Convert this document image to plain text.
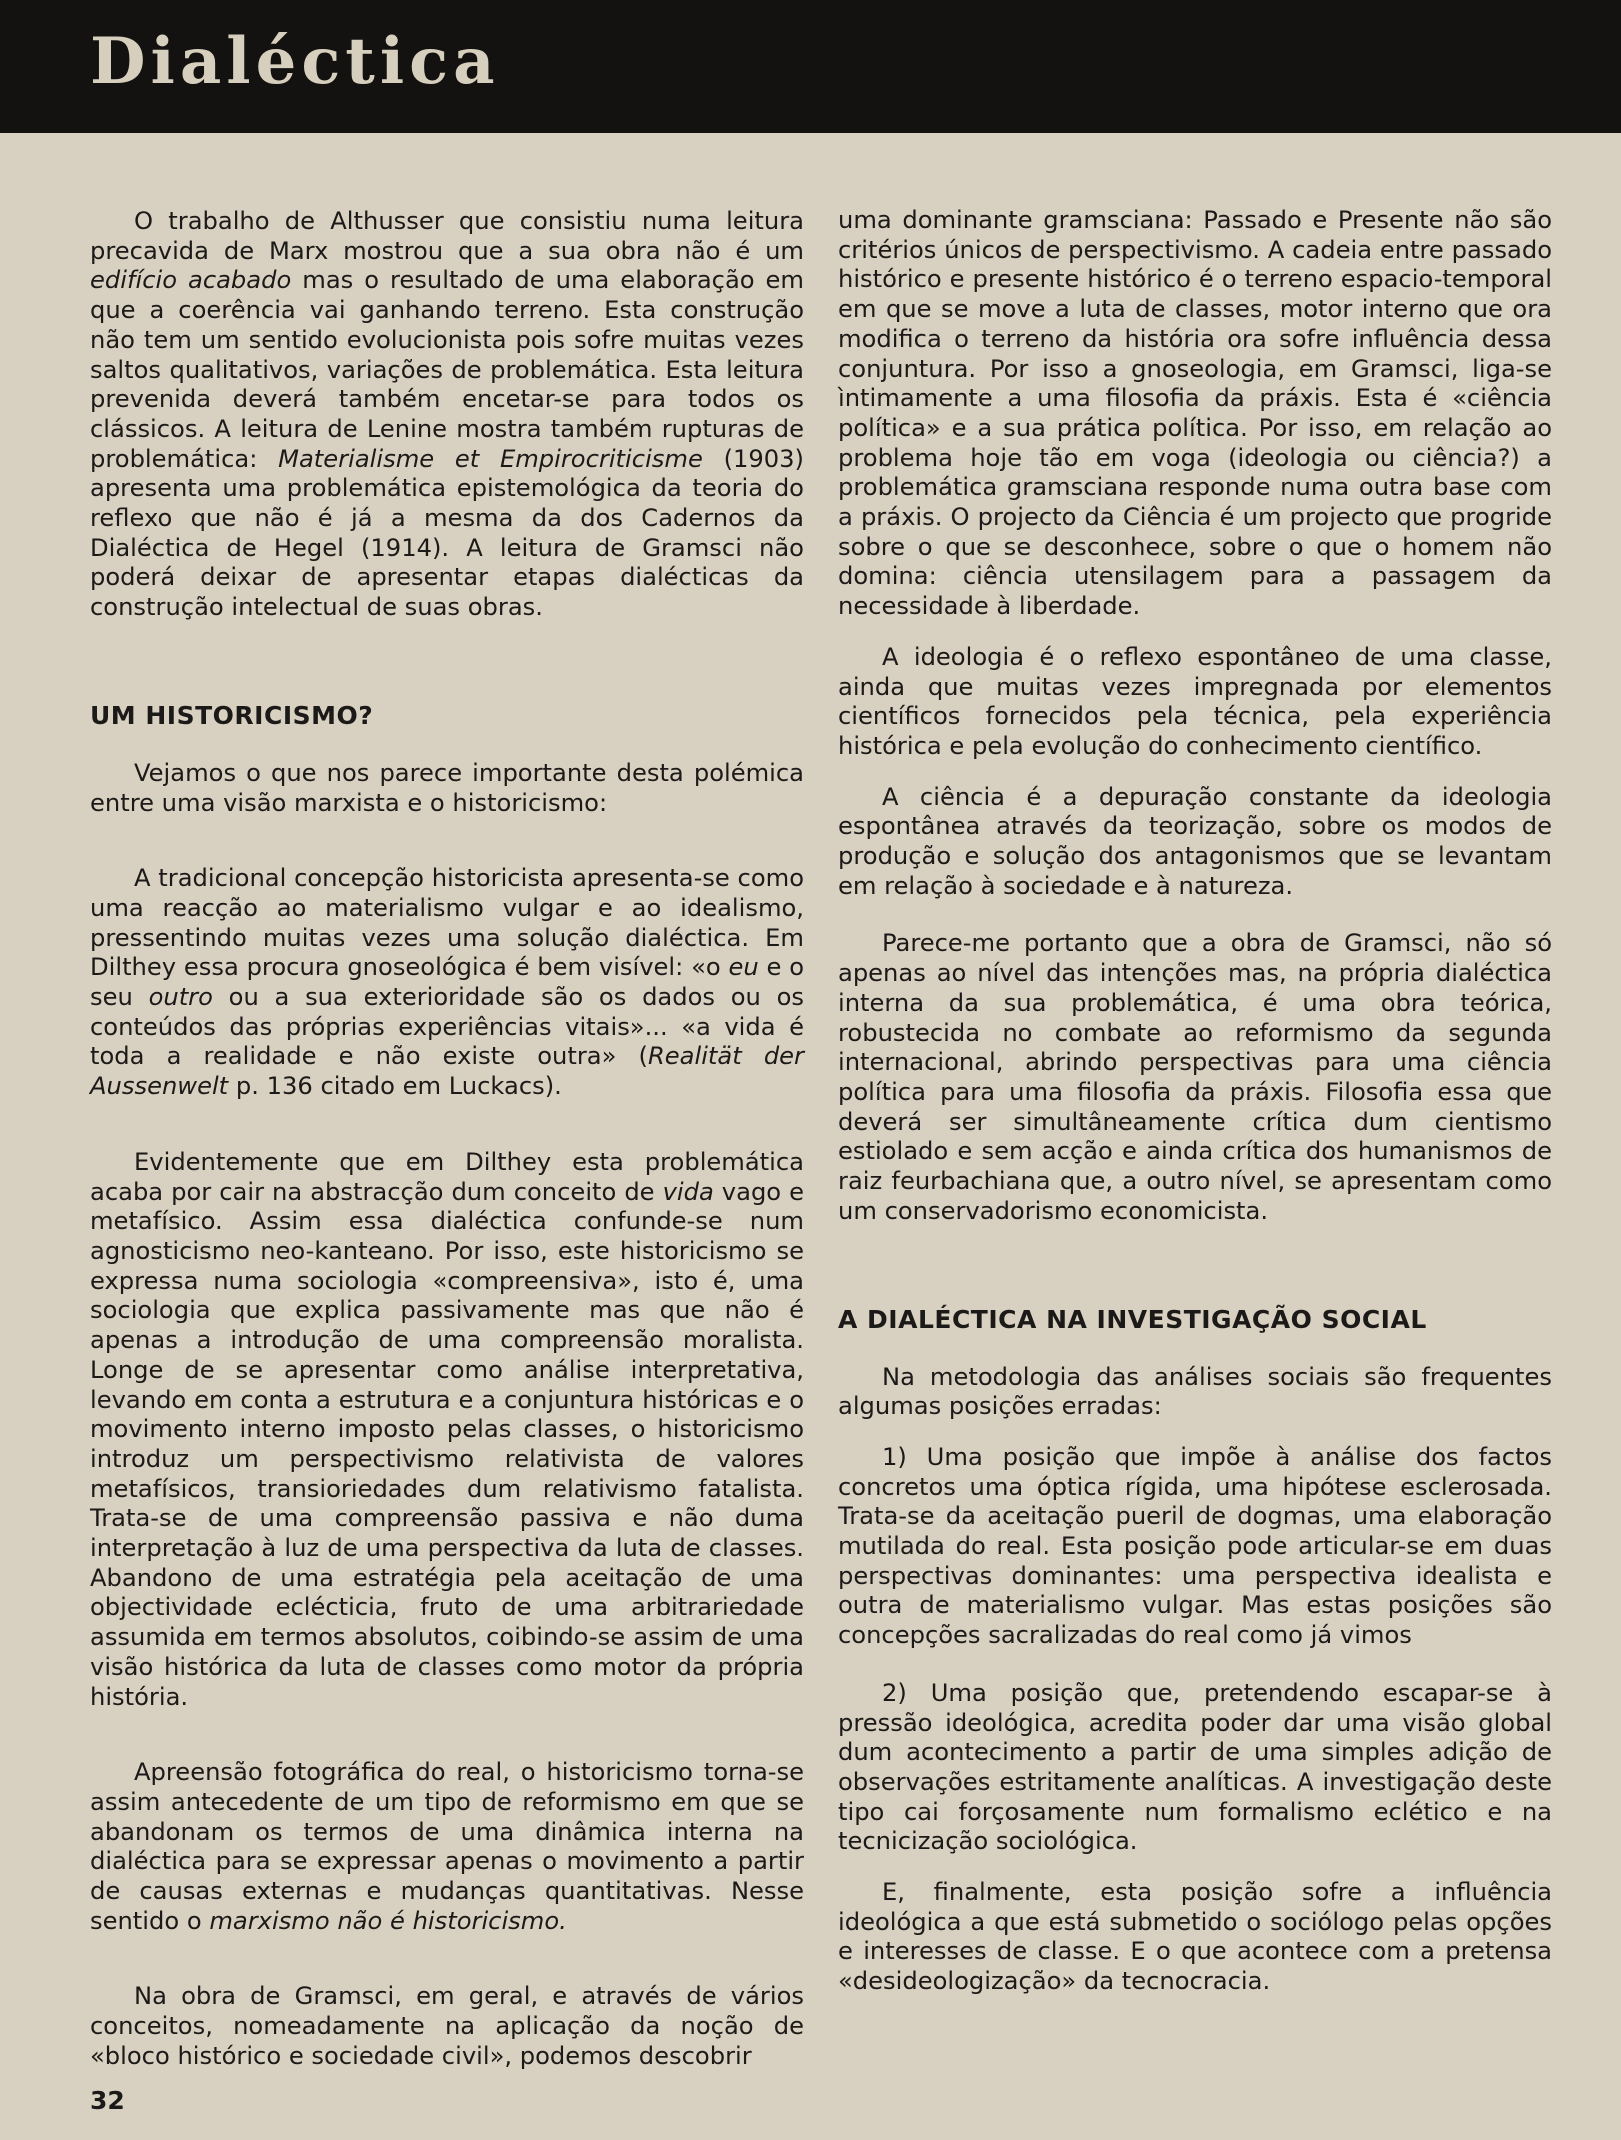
Dialéctica

O trabalho de Althusser que consistiu numa leitura precavida de Marx mostrou que a sua obra não é um edifício acabado mas o resultado de uma elaboração em que a coerência vai ganhando terreno. Esta construção não tem um sentido evolucionista pois sofre muitas vezes saltos qualitativos, variações de problemática. Esta leitura prevenida deverá também encetar-se para todos os clássicos. A leitura de Lenine mostra também rupturas de problemática: Materialisme et Empirocriticisme (1903) apresenta uma problemática epistemológica da teoria do reflexo que não é já a mesma da dos Cadernos da Dialéctica de Hegel (1914). A leitura de Gramsci não poderá deixar de apresentar etapas dialécticas da construção intelectual de suas obras.

UM HISTORICISMO?

Vejamos o que nos parece importante desta polémica entre uma visão marxista e o historicismo:

A tradicional concepção historicista apresenta-se como uma reacção ao materialismo vulgar e ao idealismo, pressentindo muitas vezes uma solução dialéctica. Em Dilthey essa procura gnoseológica é bem visível: «o eu e o seu outro ou a sua exterioridade são os dados ou os conteúdos das próprias experiências vitais»... «a vida é toda a realidade e não existe outra» (Realität der Aussenwelt p. 136 citado em Luckacs).

Evidentemente que em Dilthey esta problemática acaba por cair na abstracção dum conceito de vida vago e metafísico. Assim essa dialéctica confunde-se num agnosticismo neo-kanteano. Por isso, este historicismo se expressa numa sociologia «compreensiva», isto é, uma sociologia que explica passivamente mas que não é apenas a introdução de uma compreensão moralista. Longe de se apresentar como análise interpretativa, levando em conta a estrutura e a conjuntura históricas e o movimento interno imposto pelas classes, o historicismo introduz um perspectivismo relativista de valores metafísicos, transioriedades dum relativismo fatalista. Trata-se de uma compreensão passiva e não duma interpretação à luz de uma perspectiva da luta de classes. Abandono de uma estratégia pela aceitação de uma objectividade eclécticia, fruto de uma arbitrariedade assumida em termos absolutos, coibindo-se assim de uma visão histórica da luta de classes como motor da própria história.

Apreensão fotográfica do real, o historicismo torna-se assim antecedente de um tipo de reformismo em que se abandonam os termos de uma dinâmica interna na dialéctica para se expressar apenas o movimento a partir de causas externas e mudanças quantitativas. Nesse sentido o marxismo não é historicismo.

Na obra de Gramsci, em geral, e através de vários conceitos, nomeadamente na aplicação da noção de «bloco histórico e sociedade civil», podemos descobrir

uma dominante gramsciana: Passado e Presente não são critérios únicos de perspectivismo. A cadeia entre passado histórico e presente histórico é o terreno espacio-temporal em que se move a luta de classes, motor interno que ora modifica o terreno da história ora sofre influência dessa conjuntura. Por isso a gnoseologia, em Gramsci, liga-se ìntimamente a uma filosofia da práxis. Esta é «ciência política» e a sua prática política. Por isso, em relação ao problema hoje tão em voga (ideologia ou ciência?) a problemática gramsciana responde numa outra base com a práxis. O projecto da Ciência é um projecto que progride sobre o que se desconhece, sobre o que o homem não domina: ciência utensilagem para a passagem da necessidade à liberdade.

A ideologia é o reflexo espontâneo de uma classe, ainda que muitas vezes impregnada por elementos científicos fornecidos pela técnica, pela experiência histórica e pela evolução do conhecimento científico.

A ciência é a depuração constante da ideologia espontânea através da teorização, sobre os modos de produção e solução dos antagonismos que se levantam em relação à sociedade e à natureza.

Parece-me portanto que a obra de Gramsci, não só apenas ao nível das intenções mas, na própria dialéctica interna da sua problemática, é uma obra teórica, robustecida no combate ao reformismo da segunda internacional, abrindo perspectivas para uma ciência política para uma filosofia da práxis. Filosofia essa que deverá ser simultâneamente crítica dum cientismo estiolado e sem acção e ainda crítica dos humanismos de raiz feurbachiana que, a outro nível, se apresentam como um conservadorismo economicista.

A DIALÉCTICA NA INVESTIGAÇÃO SOCIAL

Na metodologia das análises sociais são frequentes algumas posições erradas:

1) Uma posição que impõe à análise dos factos concretos uma óptica rígida, uma hipótese esclerosada. Trata-se da aceitação pueril de dogmas, uma elaboração mutilada do real. Esta posição pode articular-se em duas perspectivas dominantes: uma perspectiva idealista e outra de materialismo vulgar. Mas estas posições são concepções sacralizadas do real como já vimos

2) Uma posição que, pretendendo escapar-se à pressão ideológica, acredita poder dar uma visão global dum acontecimento a partir de uma simples adição de observações estritamente analíticas. A investigação deste tipo cai forçosamente num formalismo eclético e na tecnicização sociológica.

E, finalmente, esta posição sofre a influência ideológica a que está submetido o sociólogo pelas opções e interesses de classe. E o que acontece com a pretensa «desideologização» da tecnocracia.

32
